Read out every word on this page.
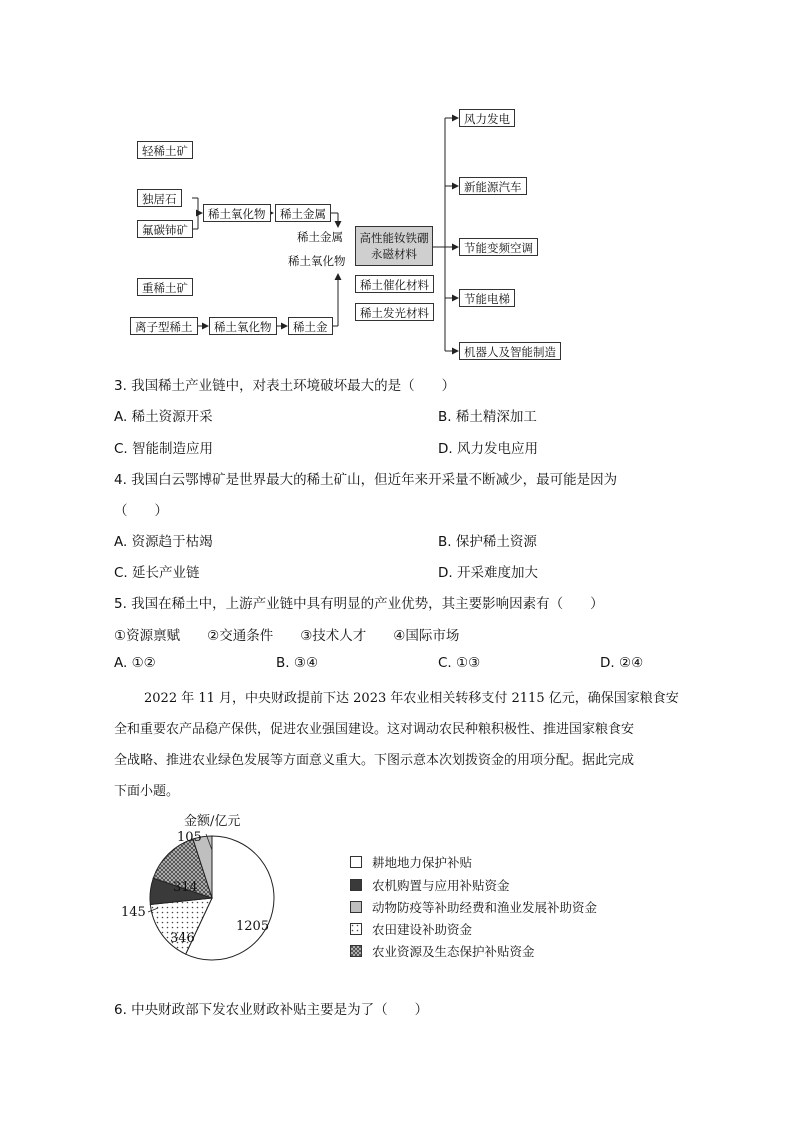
轻稀土矿
独居石
氟碳铈矿
稀土氧化物	稀土金属
稀土金属
稀土氧化物
高性能钕铁硼
永磁材料
稀土催化材料
稀土发光材料
重稀土矿
离子型稀土	稀土氧化物	稀土金
风力发电
新能源汽车
节能变频空调
节能电梯
机器人及智能制造
3. 我国稀土产业链中，对表土环境破坏最大的是（　　）
A. 稀土资源开采	B. 稀土精深加工
C. 智能制造应用	D. 风力发电应用
4. 我国白云鄂博矿是世界最大的稀土矿山，但近年来开采量不断减少，最可能是因为
（　　）
A. 资源趋于枯竭	B. 保护稀土资源
C. 延长产业链	D. 开采难度加大
5. 我国在稀土中，上游产业链中具有明显的产业优势，其主要影响因素有（　　）
①资源禀赋　　②交通条件　　③技术人才　　④国际市场
A. ①②	B. ③④	C. ①③	D. ②④
2022 年 11 月，中央财政提前下达 2023 年农业相关转移支付 2115 亿元，确保国家粮食安
全和重要农产品稳产保供，促进农业强国建设。这对调动农民种粮积极性、推进国家粮食安
全战略、推进农业绿色发展等方面意义重大。下图示意本次划拨资金的用项分配。据此完成
下面小题。
金额/亿元
105
314
145
346
1205
耕地地力保护补贴
农机购置与应用补贴资金
动物防疫等补助经费和渔业发展补助资金
农田建设补助资金
农业资源及生态保护补贴资金
6. 中央财政部下发农业财政补贴主要是为了（　　）
